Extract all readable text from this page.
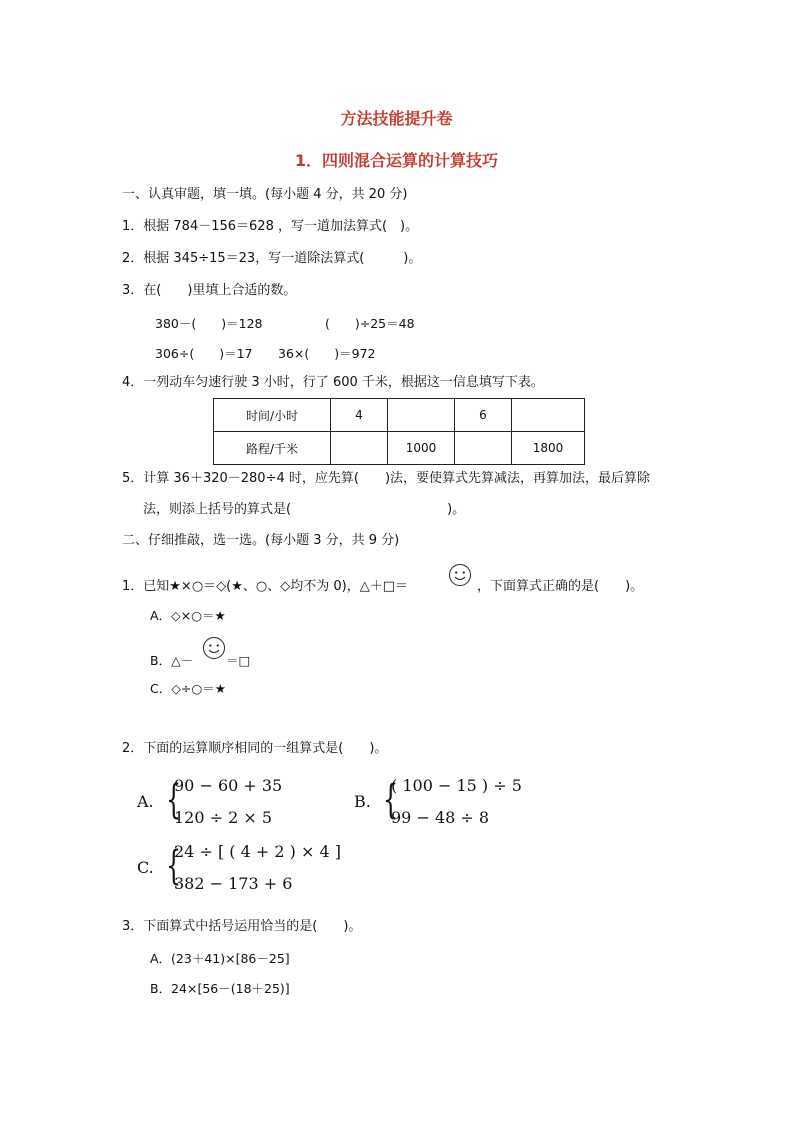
方法技能提升卷
1．四则混合运算的计算技巧
一、认真审题，填一填。(每小题 4 分，共 20 分)
1．根据 784－156＝628 ，写一道加法算式(　)。
2．根据 345÷15＝23，写一道除法算式(　　　)。
3．在(　　)里填上合适的数。
380－(　　)＝128	(　　)÷25＝48
306÷(　　)＝17 36×(　　)＝972
4．一列动车匀速行驶 3 小时，行了 600 千米，根据这一信息填写下表。
时间/小时	4		6	
路程/千米		1000		1800
5．计算 36＋320－280÷4 时，应先算(　　)法，要使算式先算减法，再算加法，最后算除
法，则添上括号的算式是(　　　　　　　　　　　　)。
二、仔细推敲，选一选。(每小题 3 分，共 9 分)
1．已知★×○＝◇(★、○、◇均不为 0)，△＋□＝	，下面算式正确的是(　　)。
A．◇×○＝★
B．△－	＝□
C．◇÷○＝★
2．下面的运算顺序相同的一组算式是(　　)。
A. {
90 − 60 + 35
120 ÷ 2 × 5
B. {
( 100 − 15 ) ÷ 5
99 − 48 ÷ 8
C. {
24 ÷ [ ( 4 + 2 ) × 4 ]
382 − 173 + 6
3．下面算式中括号运用恰当的是(　　)。
A．(23＋41)×[86－25]
B．24×[56－(18＋25)]
